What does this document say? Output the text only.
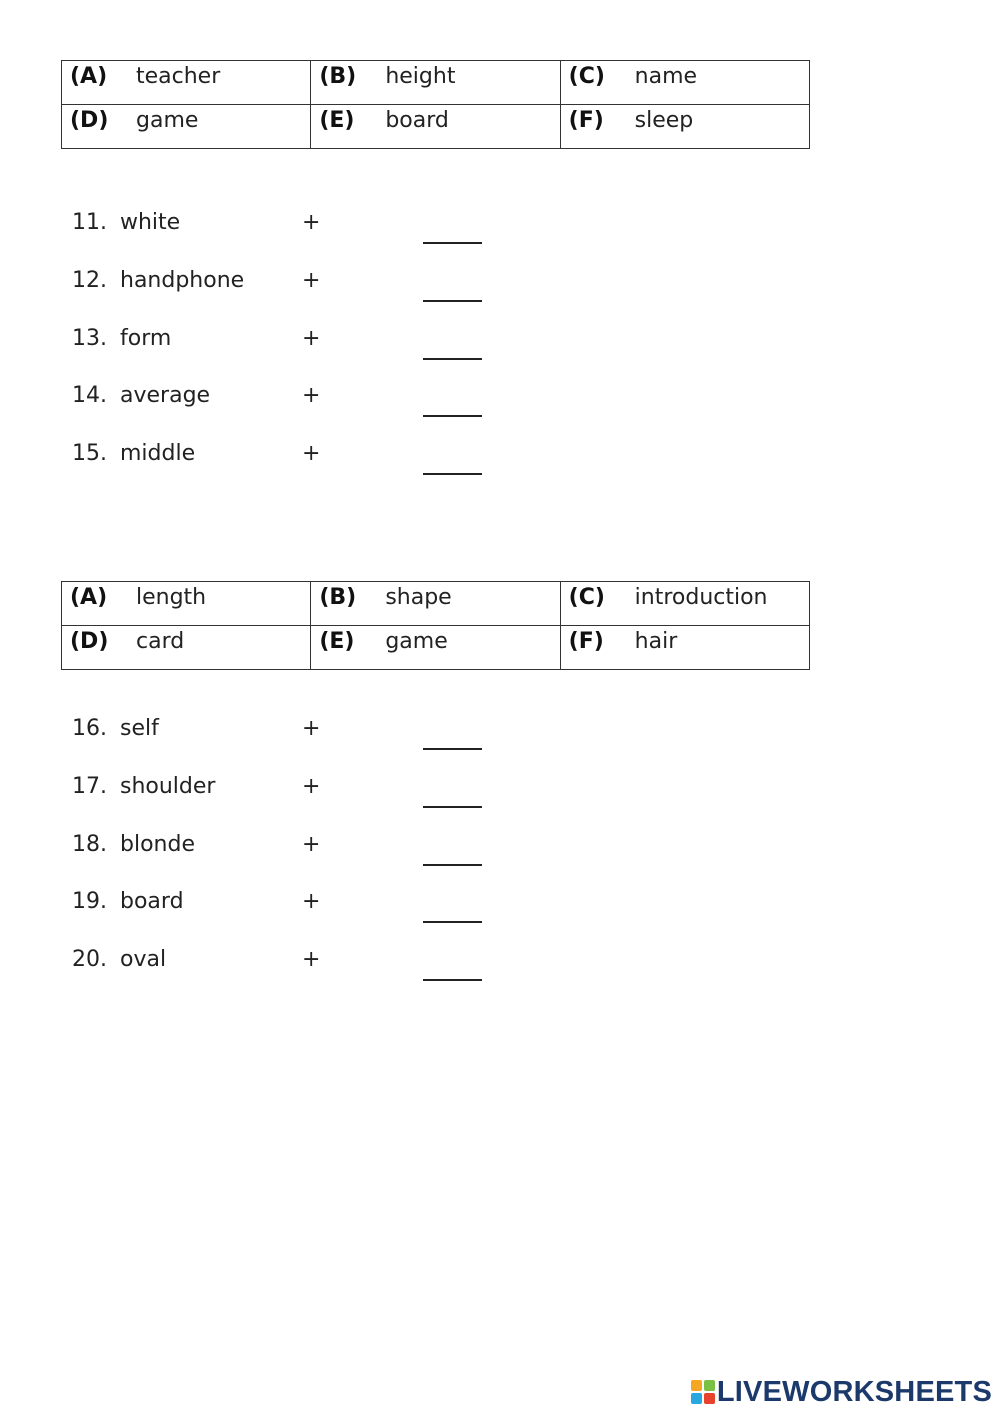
(A) teacher	(B) height	(C) name
(D) game	(E) board	(F) sleep
11. white	+
12. handphone	+
13. form	+
14. average	+
15. middle	+
(A) length	(B) shape	(C) introduction
(D) card	(E) game	(F) hair
16. self	+
17. shoulder	+
18. blonde	+
19. board	+
20. oval	+
LIVEWORKSHEETS
